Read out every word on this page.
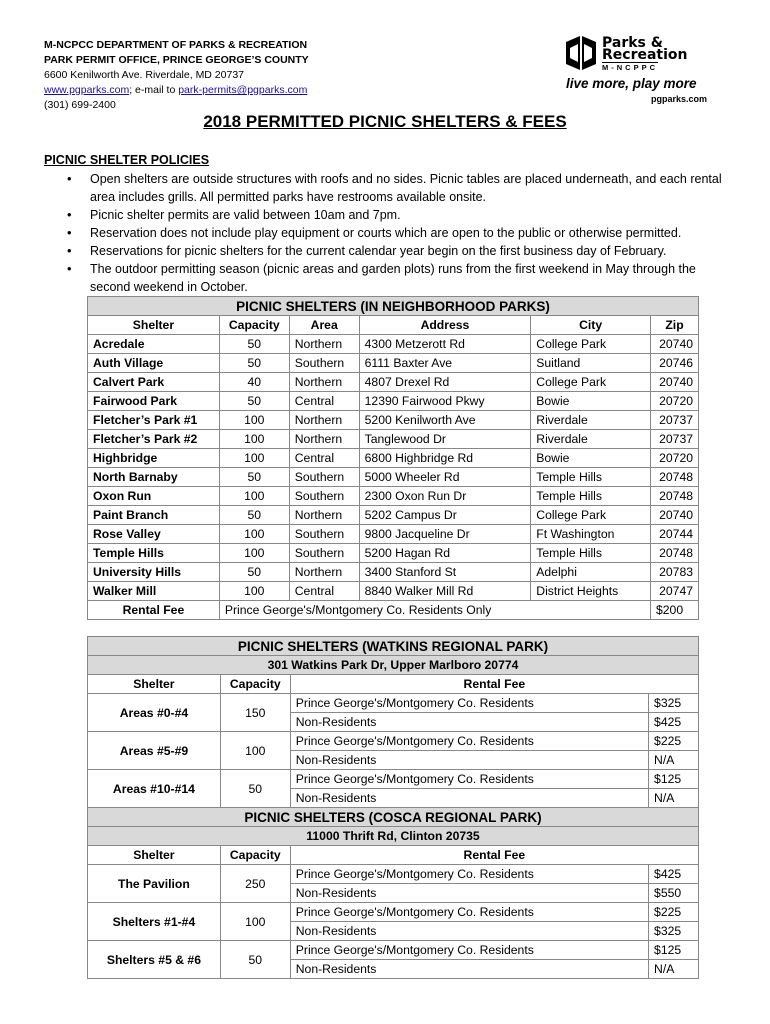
M-NCPCC DEPARTMENT OF PARKS & RECREATION
PARK PERMIT OFFICE, PRINCE GEORGE’S COUNTY
6600 Kenilworth Ave. Riverdale, MD 20737
www.pgparks.com; e-mail to park-permits@pgparks.com
(301) 699-2400
Parks &
Recreation
M-NCPPC
live more, play more
pgparks.com
2018 PERMITTED PICNIC SHELTERS & FEES
PICNIC SHELTER POLICIES
• Open shelters are outside structures with roofs and no sides. Picnic tables are placed underneath, and each rental area includes grills. All permitted parks have restrooms available onsite.
• Picnic shelter permits are valid between 10am and 7pm.
• Reservation does not include play equipment or courts which are open to the public or otherwise permitted.
• Reservations for picnic shelters for the current calendar year begin on the first business day of February.
• The outdoor permitting season (picnic areas and garden plots) runs from the first weekend in May through the second weekend in October.
PICNIC SHELTERS (IN NEIGHBORHOOD PARKS)					
Shelter	Capacity	Area	Address	City	Zip
Acredale	50	Northern	4300 Metzerott Rd	College Park	20740
Auth Village	50	Southern	6111 Baxter Ave	Suitland	20746
Calvert Park	40	Northern	4807 Drexel Rd	College Park	20740
Fairwood Park	50	Central	12390 Fairwood Pkwy	Bowie	20720
Fletcher’s Park #1	100	Northern	5200 Kenilworth Ave	Riverdale	20737
Fletcher’s Park #2	100	Northern	Tanglewood Dr	Riverdale	20737
Highbridge	100	Central	6800 Highbridge Rd	Bowie	20720
North Barnaby	50	Southern	5000 Wheeler Rd	Temple Hills	20748
Oxon Run	100	Southern	2300 Oxon Run Dr	Temple Hills	20748
Paint Branch	50	Northern	5202 Campus Dr	College Park	20740
Rose Valley	100	Southern	9800 Jacqueline Dr	Ft Washington	20744
Temple Hills	100	Southern	5200 Hagan Rd	Temple Hills	20748
University Hills	50	Northern	3400 Stanford St	Adelphi	20783
Walker Mill	100	Central	8840 Walker Mill Rd	District Heights	20747
Rental Fee	Prince George's/Montgomery Co. Residents Only				$200
PICNIC SHELTERS (WATKINS REGIONAL PARK)			
301 Watkins Park Dr, Upper Marlboro 20774			
Shelter	Capacity	Rental Fee	
Areas #0-#4	150	Prince George's/Montgomery Co. Residents	$325
		Non-Residents	$425
Areas #5-#9	100	Prince George's/Montgomery Co. Residents	$225
		Non-Residents	N/A
Areas #10-#14	50	Prince George's/Montgomery Co. Residents	$125
		Non-Residents	N/A
PICNIC SHELTERS (COSCA REGIONAL PARK)			
11000 Thrift Rd, Clinton 20735			
Shelter	Capacity	Rental Fee	
The Pavilion	250	Prince George's/Montgomery Co. Residents	$425
		Non-Residents	$550
Shelters #1-#4	100	Prince George's/Montgomery Co. Residents	$225
		Non-Residents	$325
Shelters #5 & #6	50	Prince George's/Montgomery Co. Residents	$125
		Non-Residents	N/A
